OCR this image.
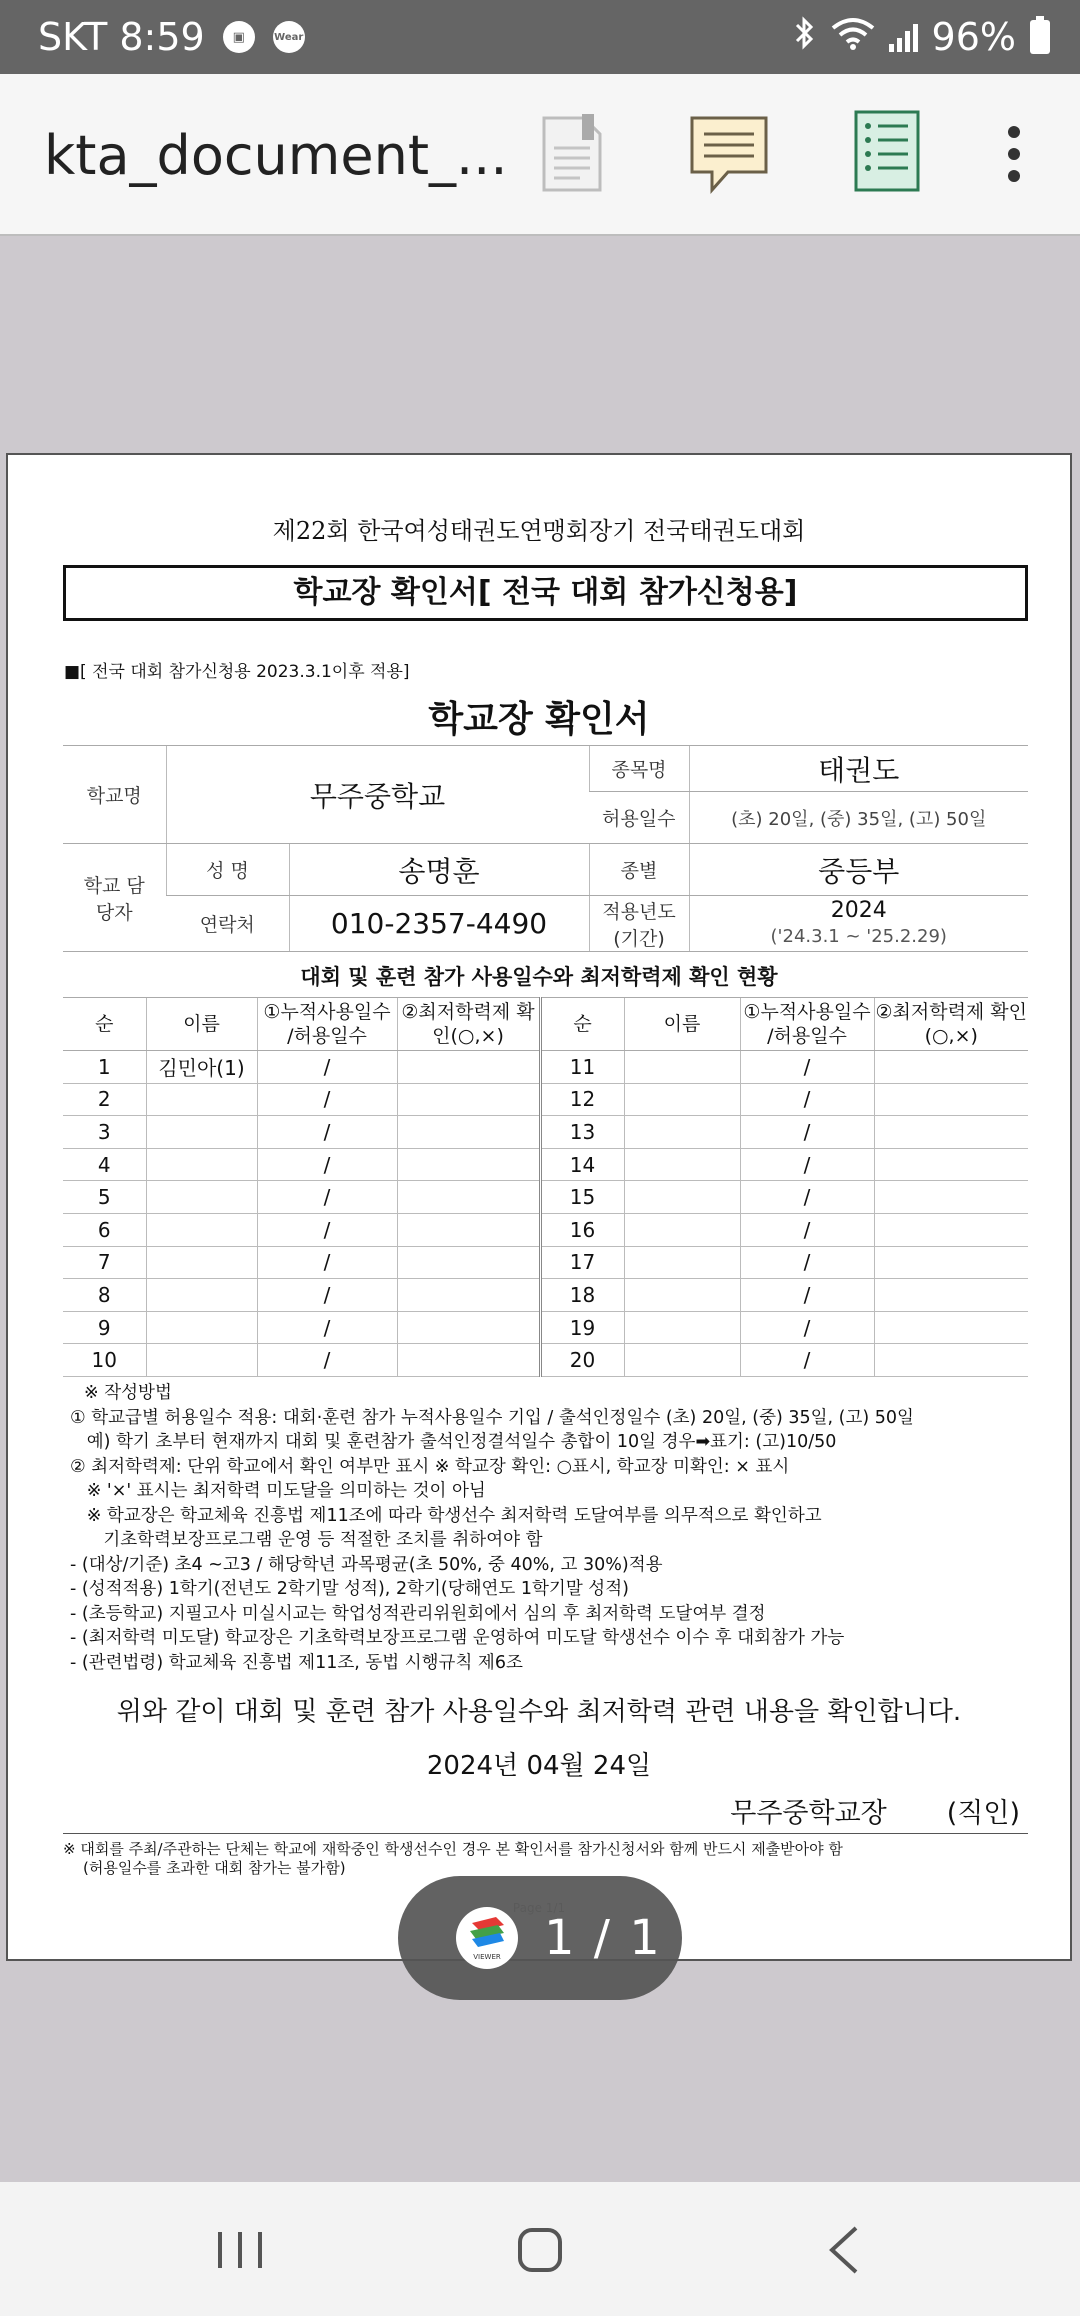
SKT 8:59	▣	Wear	96%
kta_document_...
제22회 한국여성태권도연맹회장기 전국태권도대회
학교장 확인서[ 전국 대회 참가신청용]
■[ 전국 대회 참가신청용 2023.3.1이후 적용]
학교장 확인서
학교명	무주중학교		종목명	태권도
			허용일수	(초) 20일, (중) 35일, (고) 50일
학교 담당자	성 명	송명훈	종별	중등부
	연락처	010-2357-4490	적용년도 (기간)	2024
('24.3.1 ~ '25.2.29)
대회 및 훈련 참가 사용일수와 최저학력제 확인 현황
순	이름	①누적사용일수 /허용일수	②최저학력제 확인(○,×)	순	이름	①누적사용일수 /허용일수	②최저학력제 확인(○,×)
1	김민아(1)	/		11		/	
2		/		12		/	
3		/		13		/	
4		/		14		/	
5		/		15		/	
6		/		16		/	
7		/		17		/	
8		/		18		/	
9		/		19		/	
10		/		20		/	
※ 작성방법
① 학교급별 허용일수 적용: 대회·훈련 참가 누적사용일수 기입 / 출석인정일수 (초) 20일, (중) 35일, (고) 50일
예) 학기 초부터 현재까지 대회 및 훈련참가 출석인정결석일수 총합이 10일 경우➡표기: (고)10/50
② 최저학력제: 단위 학교에서 확인 여부만 표시 ※ 학교장 확인: ○표시, 학교장 미확인: × 표시
※ '×' 표시는 최저학력 미도달을 의미하는 것이 아님
※ 학교장은 학교체육 진흥법 제11조에 따라 학생선수 최저학력 도달여부를 의무적으로 확인하고
기초학력보장프로그램 운영 등 적절한 조치를 취하여야 함
- (대상/기준) 초4 ~고3 / 해당학년 과목평균(초 50%, 중 40%, 고 30%)적용
- (성적적용) 1학기(전년도 2학기말 성적), 2학기(당해연도 1학기말 성적)
- (초등학교) 지필고사 미실시교는 학업성적관리위원회에서 심의 후 최저학력 도달여부 결정
- (최저학력 미도달) 학교장은 기초학력보장프로그램 운영하여 미도달 학생선수 이수 후 대회참가 가능
- (관련법령) 학교체육 진흥법 제11조, 동법 시행규칙 제6조
위와 같이 대회 및 훈련 참가 사용일수와 최저학력 관련 내용을 확인합니다.
2024년 04월 24일
무주중학교장 (직인)
※ 대회를 주최/주관하는 단체는 학교에 재학중인 학생선수인 경우 본 확인서를 참가신청서와 함께 반드시 제출받아야 함
(허용일수를 초과한 대회 참가는 불가함)
VIEWER 1 / 1
